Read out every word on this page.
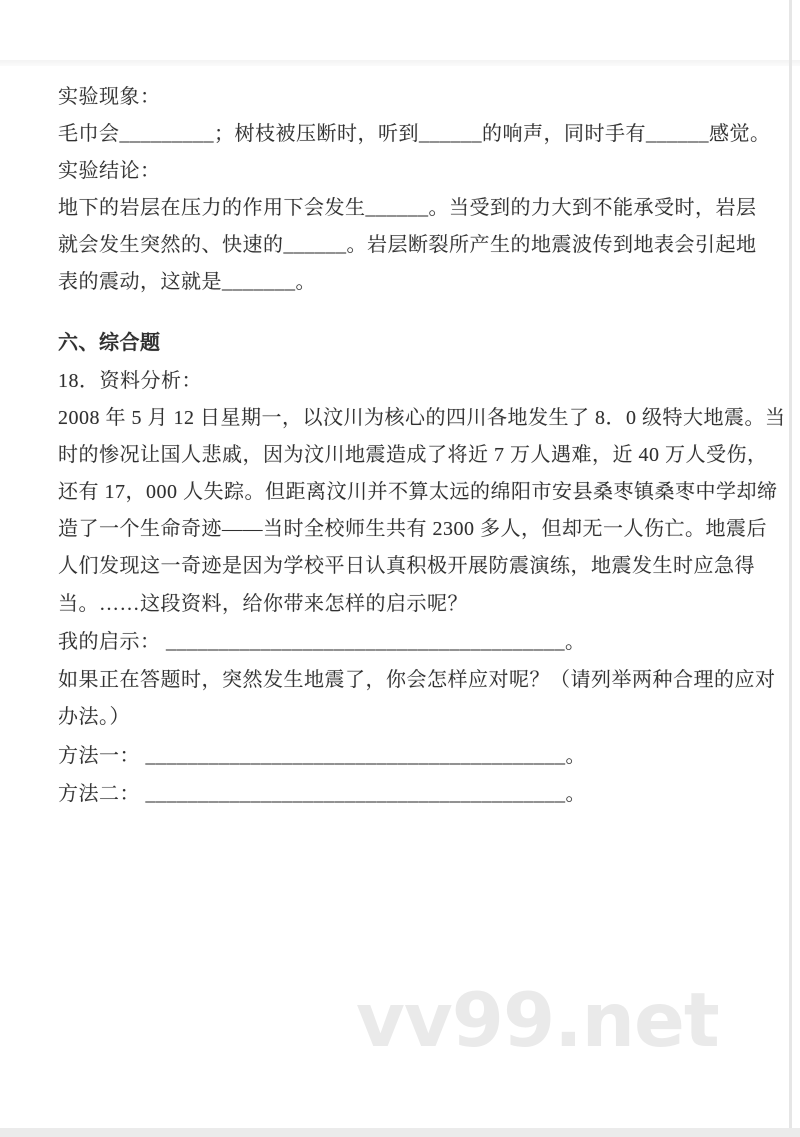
实验现象：
毛巾会_________；树枝被压断时，听到______的响声，同时手有______感觉。
实验结论：
地下的岩层在压力的作用下会发生______。当受到的力大到不能承受时，岩层
就会发生突然的、快速的______。岩层断裂所产生的地震波传到地表会引起地
表的震动，这就是_______。
六、综合题
18．资料分析：
2008 年 5 月 12 日星期一，以汶川为核心的四川各地发生了 8．0 级特大地震。当
时的惨况让国人悲戚，因为汶川地震造成了将近 7 万人遇难，近 40 万人受伤，
还有 17，000 人失踪。但距离汶川并不算太远的绵阳市安县桑枣镇桑枣中学却缔
造了一个生命奇迹——当时全校师生共有 2300 多人，但却无一人伤亡。地震后
人们发现这一奇迹是因为学校平日认真积极开展防震演练，地震发生时应急得
当。……这段资料，给你带来怎样的启示呢？
我的启示： ______________________________________。
如果正在答题时，突然发生地震了，你会怎样应对呢？（请列举两种合理的应对
办法。）
方法一： ________________________________________。
方法二： ________________________________________。
vv99.net
